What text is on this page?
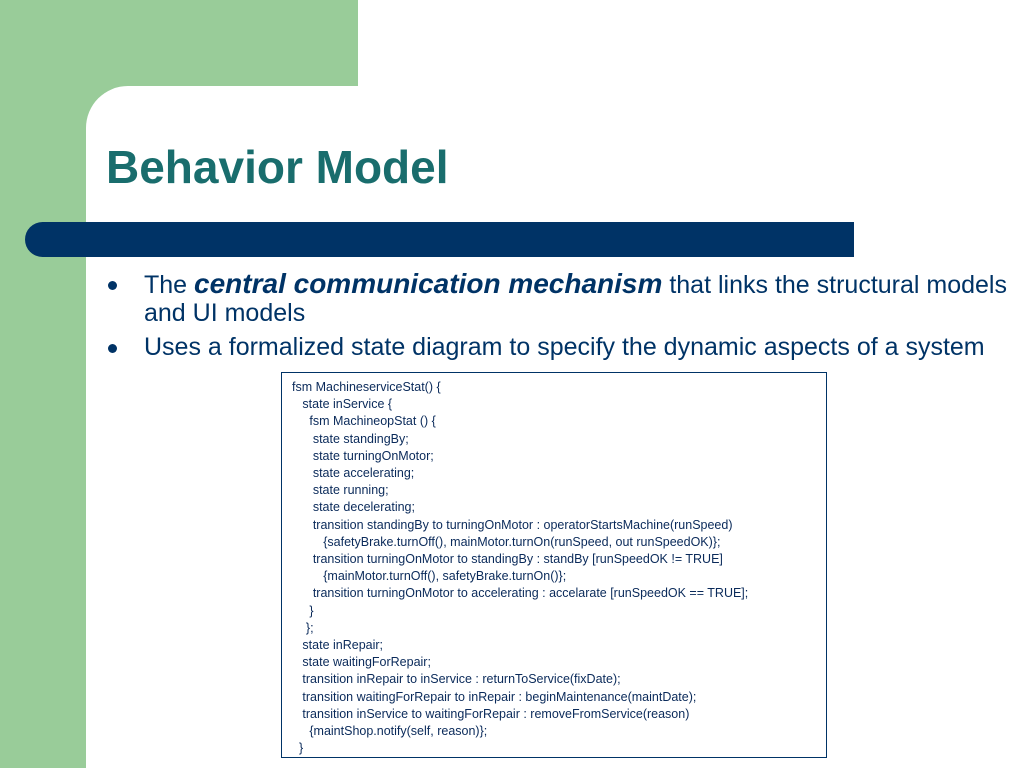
Behavior Model
The central communication mechanism that links the structural models and UI models
Uses a formalized state diagram to specify the dynamic aspects of a system
fsm MachineserviceStat() {
state inService {
fsm MachineopStat () {
state standingBy;
state turningOnMotor;
state accelerating;
state running;
state decelerating;
transition standingBy to turningOnMotor : operatorStartsMachine(runSpeed)
{safetyBrake.turnOff(), mainMotor.turnOn(runSpeed, out runSpeedOK)};
transition turningOnMotor to standingBy : standBy [runSpeedOK != TRUE]
{mainMotor.turnOff(), safetyBrake.turnOn()};
transition turningOnMotor to accelerating : accelarate [runSpeedOK == TRUE];
}
};
state inRepair;
state waitingForRepair;
transition inRepair to inService : returnToService(fixDate);
transition waitingForRepair to inRepair : beginMaintenance(maintDate);
transition inService to waitingForRepair : removeFromService(reason)
{maintShop.notify(self, reason)};
}
